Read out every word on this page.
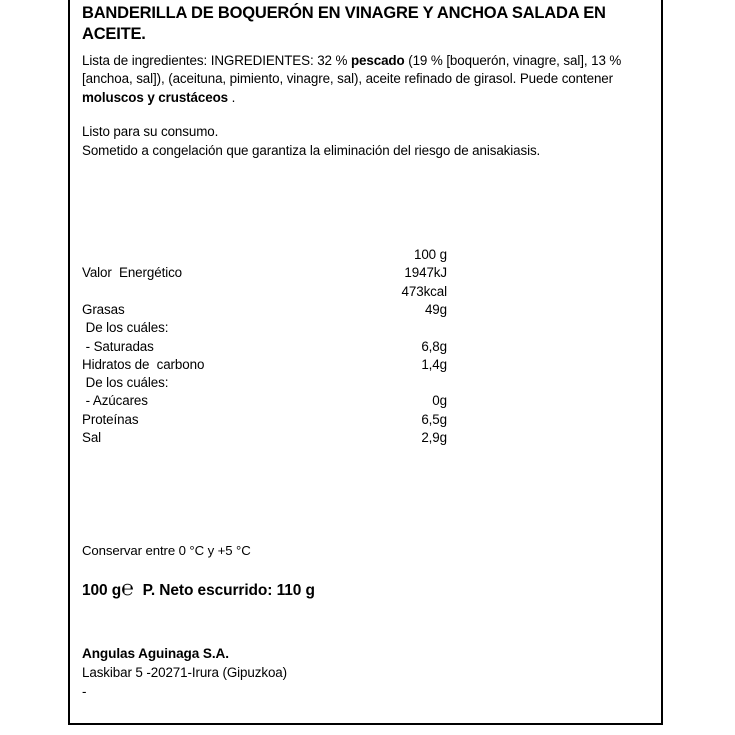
BANDERILLA DE BOQUERÓN EN VINAGRE Y ANCHOA SALADA EN ACEITE.

Lista de ingredientes: INGREDIENTES: 32 % pescado (19 % [boquerón, vinagre, sal], 13 % [anchoa, sal]), (aceituna, pimiento, vinagre, sal), aceite refinado de girasol. Puede contener moluscos y crustáceos .

Listo para su consumo.

Sometido a congelación que garantiza la eliminación del riesgo de anisakiasis.

	100 g
Valor  Energético	1947kJ
	473kcal
Grasas	49g
De los cuáles:	
- Saturadas	6,8g
Hidratos de  carbono	1,4g
De los cuáles:	
- Azúcares	0g
Proteínas	6,5g
Sal	2,9g
Conservar entre 0 °C y +5 °C
100 g ℮ P. Neto escurrido: 110 g
Angulas Aguinaga S.A.
Laskibar 5 -20271-Irura (Gipuzkoa)
-
